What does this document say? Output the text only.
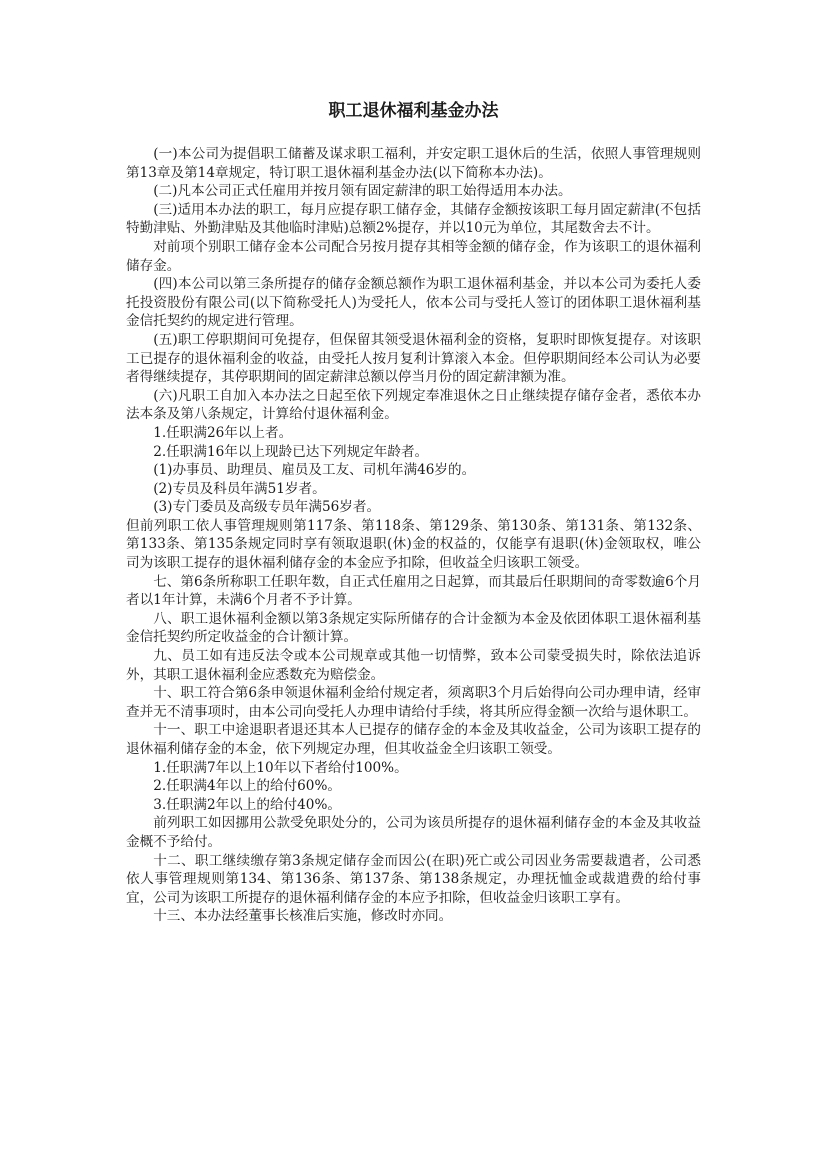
职工退休福利基金办法

(一)本公司为提倡职工储蓄及谋求职工福利，并安定职工退休后的生活，依照人事管理规则第13章及第14章规定，特订职工退休福利基金办法(以下简称本办法)。

(二)凡本公司正式任雇用并按月领有固定薪津的职工始得适用本办法。

(三)适用本办法的职工，每月应提存职工储存金，其储存金额按该职工每月固定薪津(不包括特勤津贴、外勤津贴及其他临时津贴)总额2%提存，并以10元为单位，其尾数舍去不计。

对前项个别职工储存金本公司配合另按月提存其相等金额的储存金，作为该职工的退休福利储存金。

(四)本公司以第三条所提存的储存金额总额作为职工退休福利基金，并以本公司为委托人委托投资股份有限公司(以下简称受托人)为受托人，依本公司与受托人签订的团体职工退休福利基金信托契约的规定进行管理。

(五)职工停职期间可免提存，但保留其领受退休福利金的资格，复职时即恢复提存。对该职工已提存的退休福利金的收益，由受托人按月复利计算滚入本金。但停职期间经本公司认为必要者得继续提存，其停职期间的固定薪津总额以停当月份的固定薪津额为准。

(六)凡职工自加入本办法之日起至依下列规定奉准退休之日止继续提存储存金者，悉依本办法本条及第八条规定，计算给付退休福利金。

1.任职满26年以上者。

2.任职满16年以上现龄已达下列规定年龄者。

(1)办事员、助理员、雇员及工友、司机年满46岁的。

(2)专员及科员年满51岁者。

(3)专门委员及高级专员年满56岁者。

但前列职工依人事管理规则第117条、第118条、第129条、第130条、第131条、第132条、第133条、第135条规定同时享有领取退职(休)金的权益的，仅能享有退职(休)金领取权，唯公司为该职工提存的退休福利储存金的本金应予扣除，但收益全归该职工领受。

七、第6条所称职工任职年数，自正式任雇用之日起算，而其最后任职期间的奇零数逾6个月者以1年计算，未满6个月者不予计算。

八、职工退休福利金额以第3条规定实际所储存的合计金额为本金及依团体职工退休福利基金信托契约所定收益金的合计额计算。

九、员工如有违反法令或本公司规章或其他一切情弊，致本公司蒙受损失时，除依法追诉外，其职工退休福利金应悉数充为赔偿金。

十、职工符合第6条申领退休福利金给付规定者，须离职3个月后始得向公司办理申请，经审查并无不清事项时，由本公司向受托人办理申请给付手续，将其所应得金额一次给与退休职工。

十一、职工中途退职者退还其本人已提存的储存金的本金及其收益金，公司为该职工提存的退休福利储存金的本金，依下列规定办理，但其收益金全归该职工领受。

1.任职满7年以上10年以下者给付100%。

2.任职满4年以上的给付60%。

3.任职满2年以上的给付40%。

前列职工如因挪用公款受免职处分的，公司为该员所提存的退休福利储存金的本金及其收益金概不予给付。

十二、职工继续缴存第3条规定储存金而因公(在职)死亡或公司因业务需要裁遣者，公司悉依人事管理规则第134、第136条、第137条、第138条规定，办理抚恤金或裁遣费的给付事宜，公司为该职工所提存的退休福利储存金的本应予扣除，但收益金归该职工享有。

十三、本办法经董事长核准后实施，修改时亦同。
